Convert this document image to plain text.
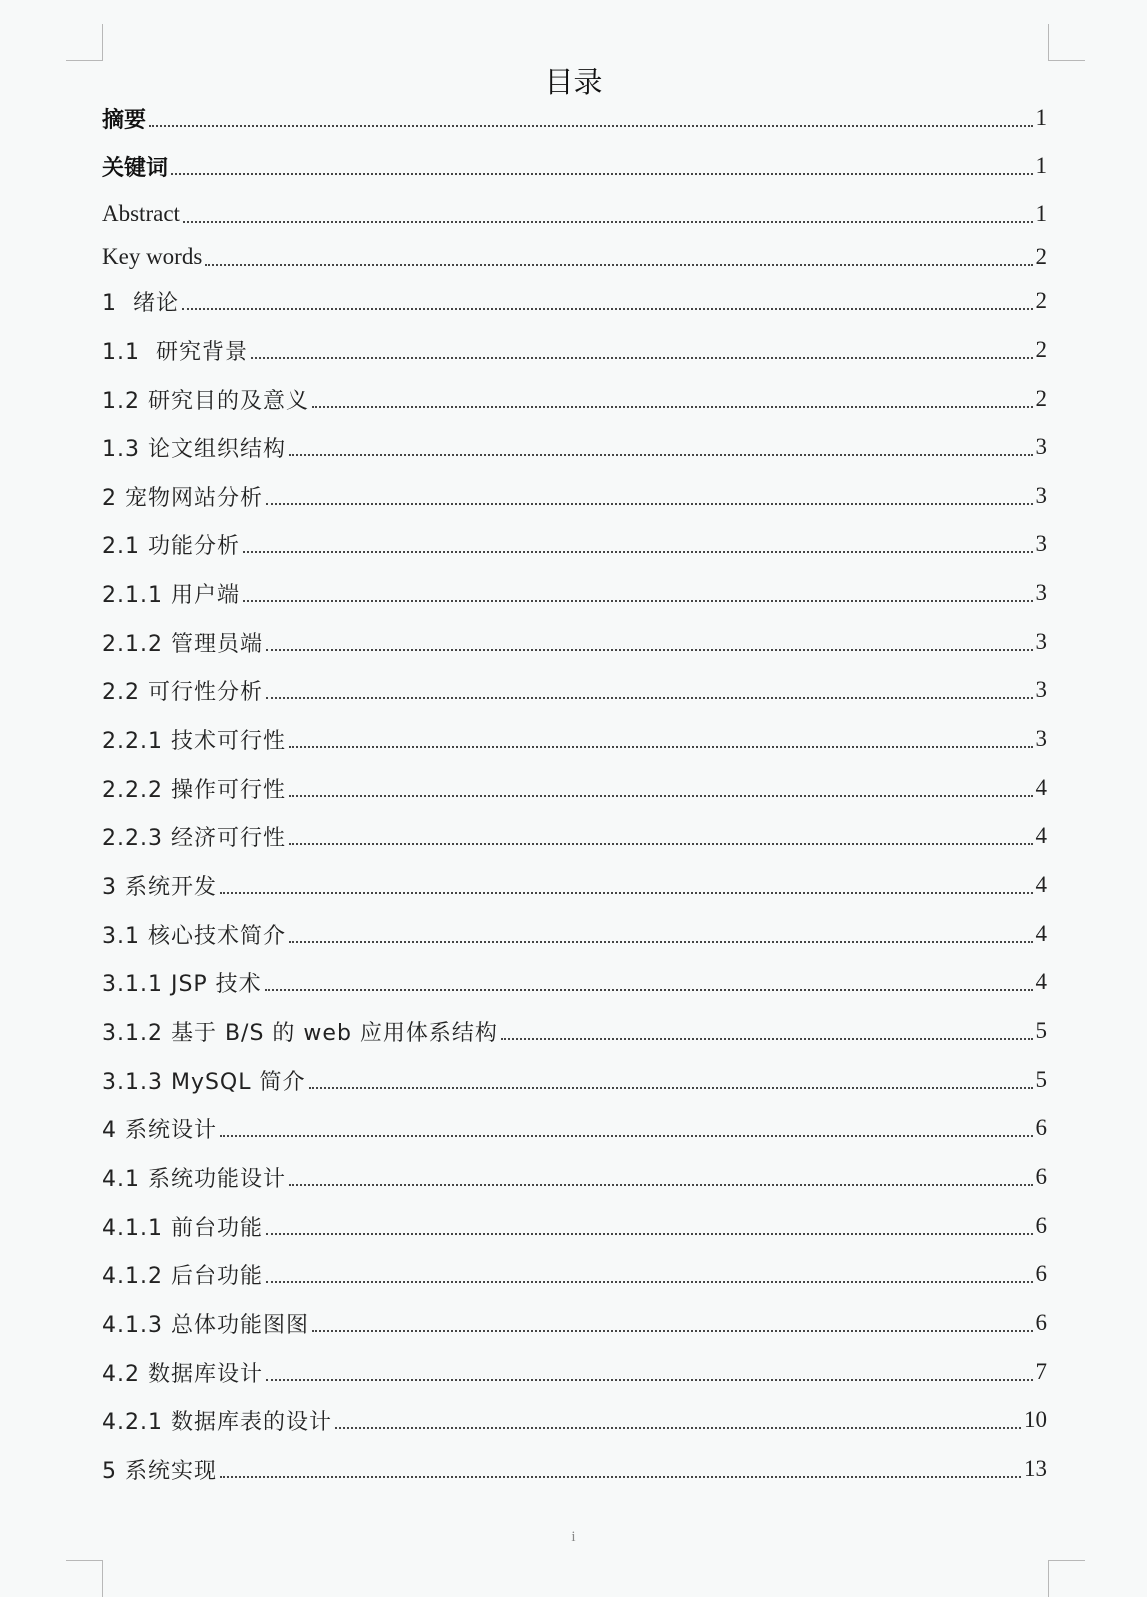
目录
摘要	1
关键词	1
Abstract	1
Key words	2
1  绪论	2
1.1  研究背景	2
1.2 研究目的及意义	2
1.3 论文组织结构	3
2 宠物网站分析	3
2.1 功能分析	3
2.1.1 用户端	3
2.1.2 管理员端	3
2.2 可行性分析	3
2.2.1 技术可行性	3
2.2.2 操作可行性	4
2.2.3 经济可行性	4
3 系统开发	4
3.1 核心技术简介	4
3.1.1 JSP 技术	4
3.1.2 基于 B/S 的 web 应用体系结构	5
3.1.3 MySQL 简介	5
4 系统设计	6
4.1 系统功能设计	6
4.1.1 前台功能	6
4.1.2 后台功能	6
4.1.3 总体功能图图	6
4.2 数据库设计	7
4.2.1 数据库表的设计	10
5 系统实现	13
i
